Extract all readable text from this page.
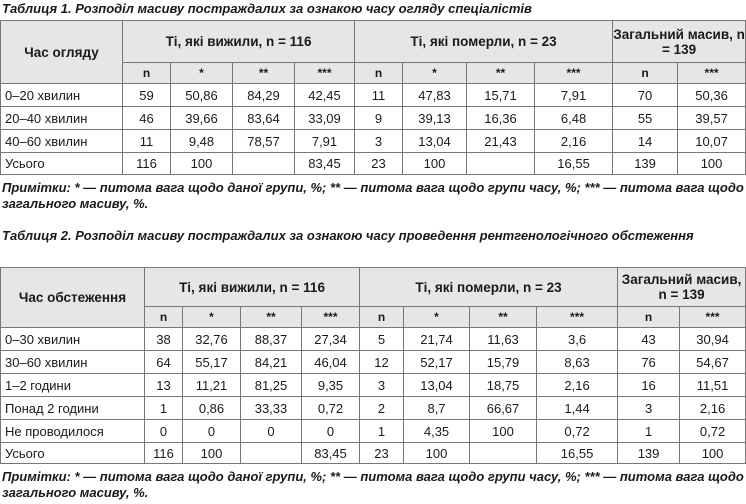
Таблиця 1. Розподіл масиву постраждалих за ознакою часу огляду спеціалістів
Час огляду	Ті, які вижили, n = 116				Ті, які померли, n = 23				Загальний масив, n = 139	
	n	*	**	***	n	*	**	***	n	***
0–20 хвилин	59	50,86	84,29	42,45	11	47,83	15,71	7,91	70	50,36
20–40 хвилин	46	39,66	83,64	33,09	9	39,13	16,36	6,48	55	39,57
40–60 хвилин	11	9,48	78,57	7,91	3	13,04	21,43	2,16	14	10,07
Усього	116	100		83,45	23	100		16,55	139	100
Примітки: * — питома вага щодо даної групи, %; ** — питома вага щодо групи часу, %; *** — питома вага щодо загального масиву, %.
Таблиця 2. Розподіл масиву постраждалих за ознакою часу проведення рентгенологічного обстеження
Час обстеження	Ті, які вижили, n = 116				Ті, які померли, n = 23				Загальний масив, n = 139	
	n	*	**	***	n	*	**	***	n	***
0–30 хвилин	38	32,76	88,37	27,34	5	21,74	11,63	3,6	43	30,94
30–60 хвилин	64	55,17	84,21	46,04	12	52,17	15,79	8,63	76	54,67
1–2 години	13	11,21	81,25	9,35	3	13,04	18,75	2,16	16	11,51
Понад 2 години	1	0,86	33,33	0,72	2	8,7	66,67	1,44	3	2,16
Не проводилося	0	0	0	0	1	4,35	100	0,72	1	0,72
Усього	116	100		83,45	23	100		16,55	139	100
Примітки: * — питома вага щодо даної групи, %; ** — питома вага щодо групи часу, %; *** — питома вага щодо загального масиву, %.
